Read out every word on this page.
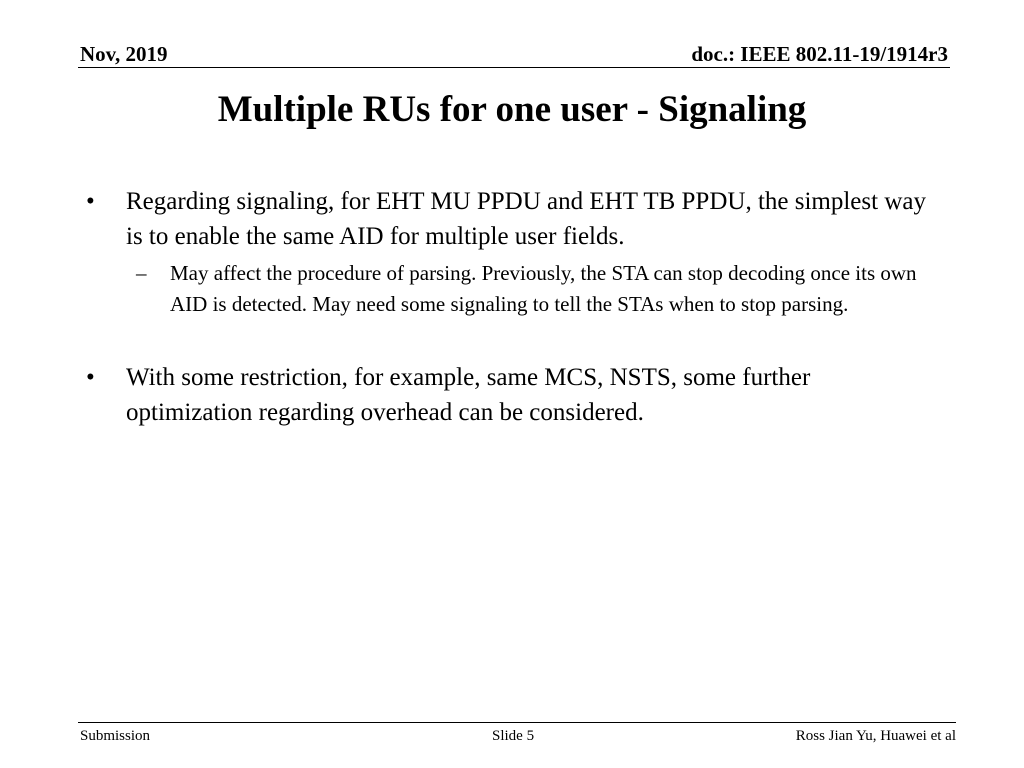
Nov, 2019	doc.: IEEE 802.11-19/1914r3
Multiple RUs for one user - Signaling
• Regarding signaling, for EHT MU PPDU and EHT TB PPDU, the simplest way is to enable the same AID for multiple user fields.
– May affect the procedure of parsing. Previously, the STA can stop decoding once its own AID is detected. May need some signaling to tell the STAs when to stop parsing.
• With some restriction, for example, same MCS, NSTS, some further optimization regarding overhead can be considered.
Submission	Slide 5	Ross Jian Yu, Huawei et al
